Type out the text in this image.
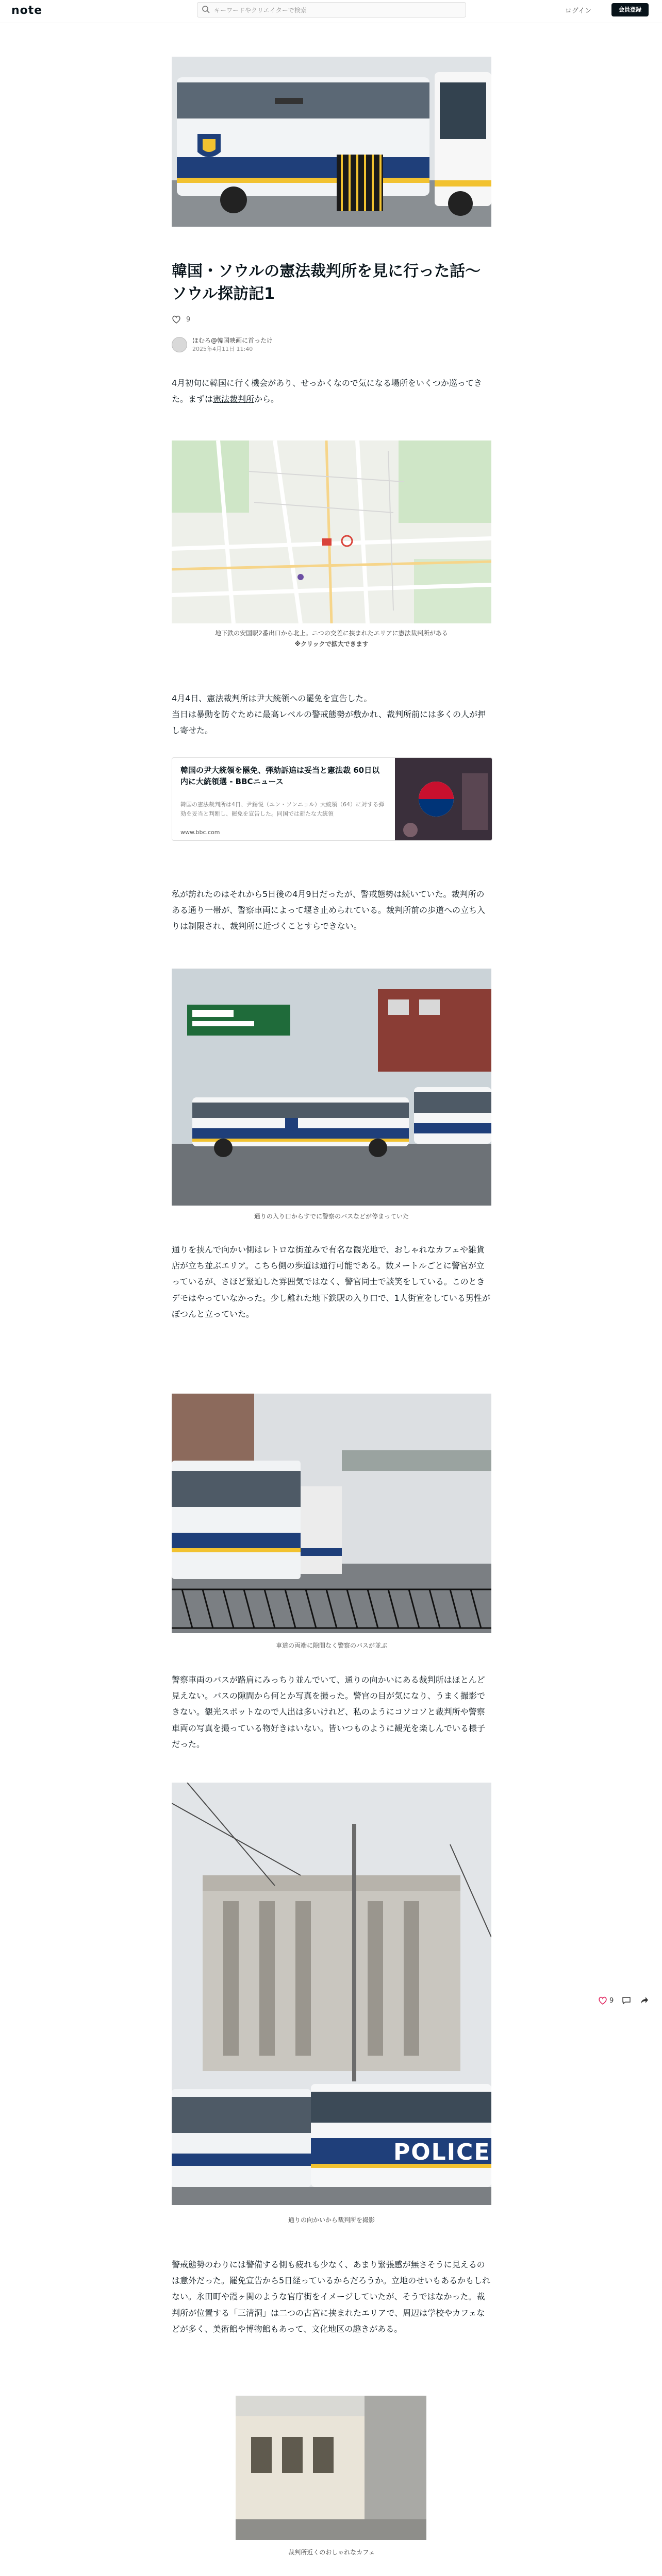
note	キーワードやクリエイターで検索	ログイン	会員登録
韓国・ソウルの憲法裁判所を見に行った話〜ソウル探訪記1
9
ほむろ@韓国映画に首ったけ
2025年4月11日 11:40

4月初旬に韓国に行く機会があり、せっかくなので気になる場所をいくつか巡ってきた。まずは憲法裁判所から。

地下鉄の安国駅2番出口から北上。ニつの交差に挟まれたエリアに憲法裁判所がある
※クリックで拡大できます

4月4日、憲法裁判所は尹大統領への罷免を宣告した。

当日は暴動を防ぐために最高レベルの警戒態勢が敷かれ、裁判所前には多くの人が押し寄せた。

韓国の尹大統領を罷免、弾劾訴追は妥当と憲法裁 60日以内に大統領選 - BBCニュース
韓国の憲法裁判所は4日、尹錫悦（ユン・ソンニョル）大統領（64）に対する弾劾を妥当と判断し、罷免を宣告した。同国では新たな大統領
www.bbc.com

私が訪れたのはそれから5日後の4月9日だったが、警戒態勢は続いていた。裁判所のある通り一帯が、警察車両によって堰き止められている。裁判所前の歩道への立ち入りは制限され、裁判所に近づくことすらできない。

通りの入り口からすでに警察のバスなどが停まっていた

通りを挟んで向かい側はレトロな街並みで有名な観光地で、おしゃれなカフェや雑貨店が立ち並ぶエリア。こちら側の歩道は通行可能である。数メートルごとに警官が立っているが、さほど緊迫した雰囲気ではなく、警官同士で談笑をしている。このときデモはやっていなかった。少し離れた地下鉄駅の入り口で、1人街宣をしている男性がぽつんと立っていた。

車道の両端に隙間なく警察のバスが並ぶ

警察車両のバスが路肩にみっちり並んでいて、通りの向かいにある裁判所はほとんど見えない。バスの隙間から何とか写真を撮った。警官の目が気になり、うまく撮影できない。観光スポットなので人出は多いけれど、私のようにコソコソと裁判所や警察車両の写真を撮っている物好きはいない。皆いつものように観光を楽しんでいる様子だった。

POLICE
通りの向かいから裁判所を撮影

警戒態勢のわりには警備する側も疲れも少なく、あまり緊張感が無さそうに見えるのは意外だった。罷免宣告から5日経っているからだろうか。立地のせいもあるかもしれない。永田町や霞ヶ関のような官庁街をイメージしていたが、そうではなかった。裁判所が位置する「三清洞」は二つの古宮に挟まれたエリアで、周辺は学校やカフェなどが多く、美術館や博物館もあって、文化地区の趣きがある。

裁判所近くのおしゃれなカフェ

9
